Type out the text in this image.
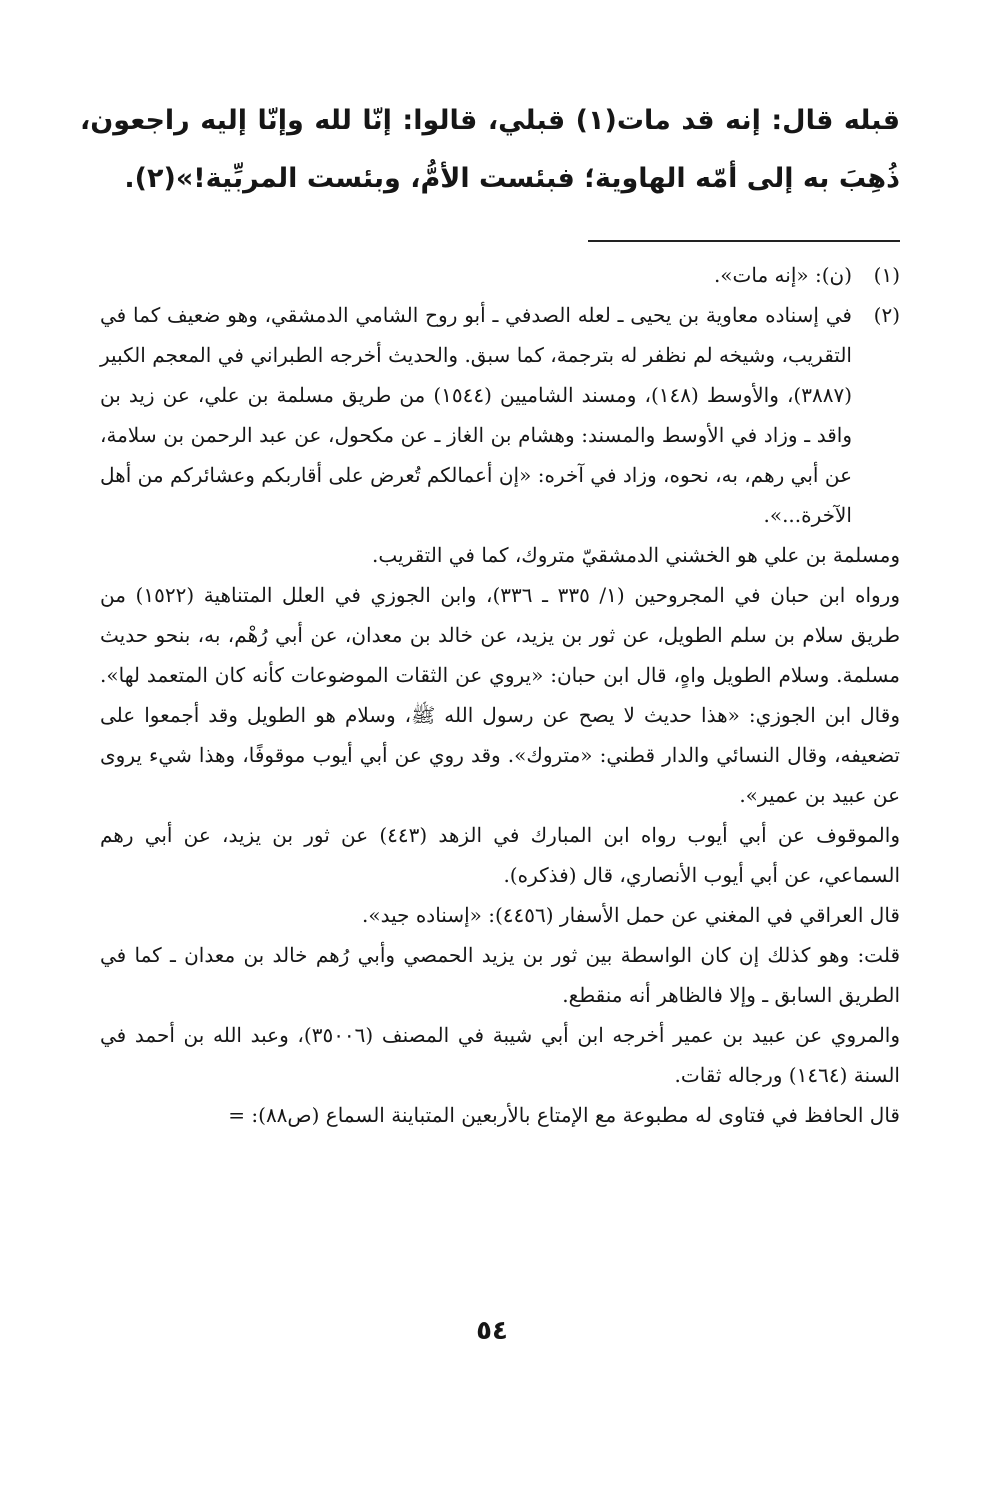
قبله قال: إنه قد مات(١) قبلي، قالوا: إنّا لله وإنّا إليه راجعون، ذُهِبَ به إلى أمّه الهاوية؛ فبئست الأمُّ، وبئست المربِّية!»(٢).

(١)

(ن): «إنه مات».

(٢)

في إسناده معاوية بن يحيى ـ لعله الصدفي ـ أبو روح الشامي الدمشقي، وهو ضعيف كما في التقريب، وشيخه لم نظفر له بترجمة، كما سبق. والحديث أخرجه الطبراني في المعجم الكبير (٣٨٨٧)، والأوسط (١٤٨)، ومسند الشاميين (١٥٤٤) من طريق مسلمة بن علي، عن زيد بن واقد ـ وزاد في الأوسط والمسند: وهشام بن الغاز ـ عن مكحول، عن عبد الرحمن بن سلامة، عن أبي رهم، به، نحوه، وزاد في آخره: «إن أعمالكم تُعرض على أقاربكم وعشائركم من أهل الآخرة...».

ومسلمة بن علي هو الخشني الدمشقيّ متروك، كما في التقريب.

ورواه ابن حبان في المجروحين (١/ ٣٣٥ ـ ٣٣٦)، وابن الجوزي في العلل المتناهية (١٥٢٢) من طريق سلام بن سلم الطويل، عن ثور بن يزيد، عن خالد بن معدان، عن أبي رُهْم، به، بنحو حديث مسلمة. وسلام الطويل واهٍ، قال ابن حبان: «يروي عن الثقات الموضوعات كأنه كان المتعمد لها». وقال ابن الجوزي: «هذا حديث لا يصح عن رسول الله ﷺ، وسلام هو الطويل وقد أجمعوا على تضعيفه، وقال النسائي والدار قطني: «متروك». وقد روي عن أبي أيوب موقوفًا، وهذا شيء يروى عن عبيد بن عمير».

والموقوف عن أبي أيوب رواه ابن المبارك في الزهد (٤٤٣) عن ثور بن يزيد، عن أبي رهم السماعي، عن أبي أيوب الأنصاري، قال (فذكره).

قال العراقي في المغني عن حمل الأسفار (٤٤٥٦): «إسناده جيد».

قلت: وهو كذلك إن كان الواسطة بين ثور بن يزيد الحمصي وأبي رُهم خالد بن معدان ـ كما في الطريق السابق ـ وإلا فالظاهر أنه منقطع.

والمروي عن عبيد بن عمير أخرجه ابن أبي شيبة في المصنف (٣٥٠٠٦)، وعبد الله بن أحمد في السنة (١٤٦٤) ورجاله ثقات.

قال الحافظ في فتاوى له مطبوعة مع الإمتاع بالأربعين المتباينة السماع (ص٨٨): =

٥٤
